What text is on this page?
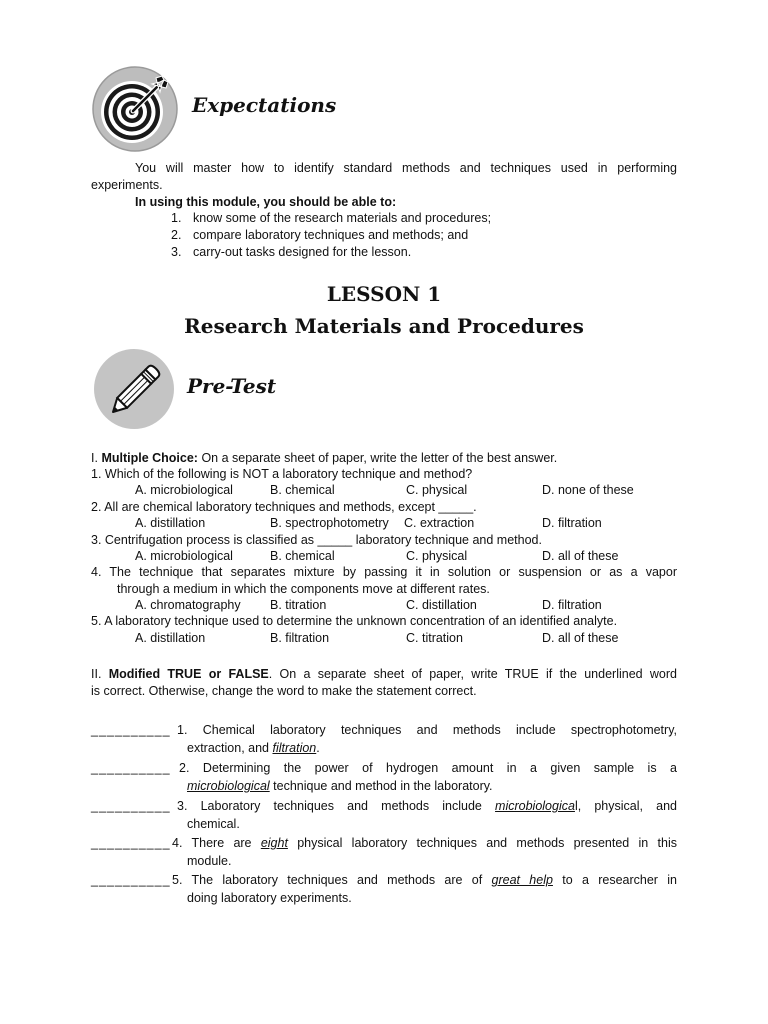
Expectations
You will master how to identify standard methods and techniques used in performing
experiments.
In using this module, you should be able to:
1. know some of the research materials and procedures;
2. compare laboratory techniques and methods; and
3. carry-out tasks designed for the lesson.
LESSON 1
Research Materials and Procedures
Pre-Test
I. Multiple Choice: On a separate sheet of paper, write the letter of the best answer.
1. Which of the following is NOT a laboratory technique and method?
A. microbiological	B. chemical	C. physical	D. none of these
2. All are chemical laboratory techniques and methods, except _____.
A. distillation	B. spectrophotometry C. extraction	D. filtration
3. Centrifugation process is classified as _____ laboratory technique and method.
A. microbiological	B. chemical	C. physical	D. all of these
4. The technique that separates mixture by passing it in solution or suspension or as a vapor
through a medium in which the components move at different rates.
A. chromatography B. titration	C. distillation	D. filtration
5. A laboratory technique used to determine the unknown concentration of an identified analyte.
A. distillation	B. filtration	C. titration	D. all of these
II. Modified TRUE or FALSE. On a separate sheet of paper, write TRUE if the underlined word
is correct. Otherwise, change the word to make the statement correct.
__________ 1. Chemical laboratory techniques and methods include spectrophotometry,
extraction, and filtration.
__________ 2. Determining the power of hydrogen amount in a given sample is a
microbiological technique and method in the laboratory.
__________ 3. Laboratory techniques and methods include microbiological, physical, and
chemical.
__________ 4. There are eight physical laboratory techniques and methods presented in this
module.
__________ 5. The laboratory techniques and methods are of great help to a researcher in
doing laboratory experiments.
